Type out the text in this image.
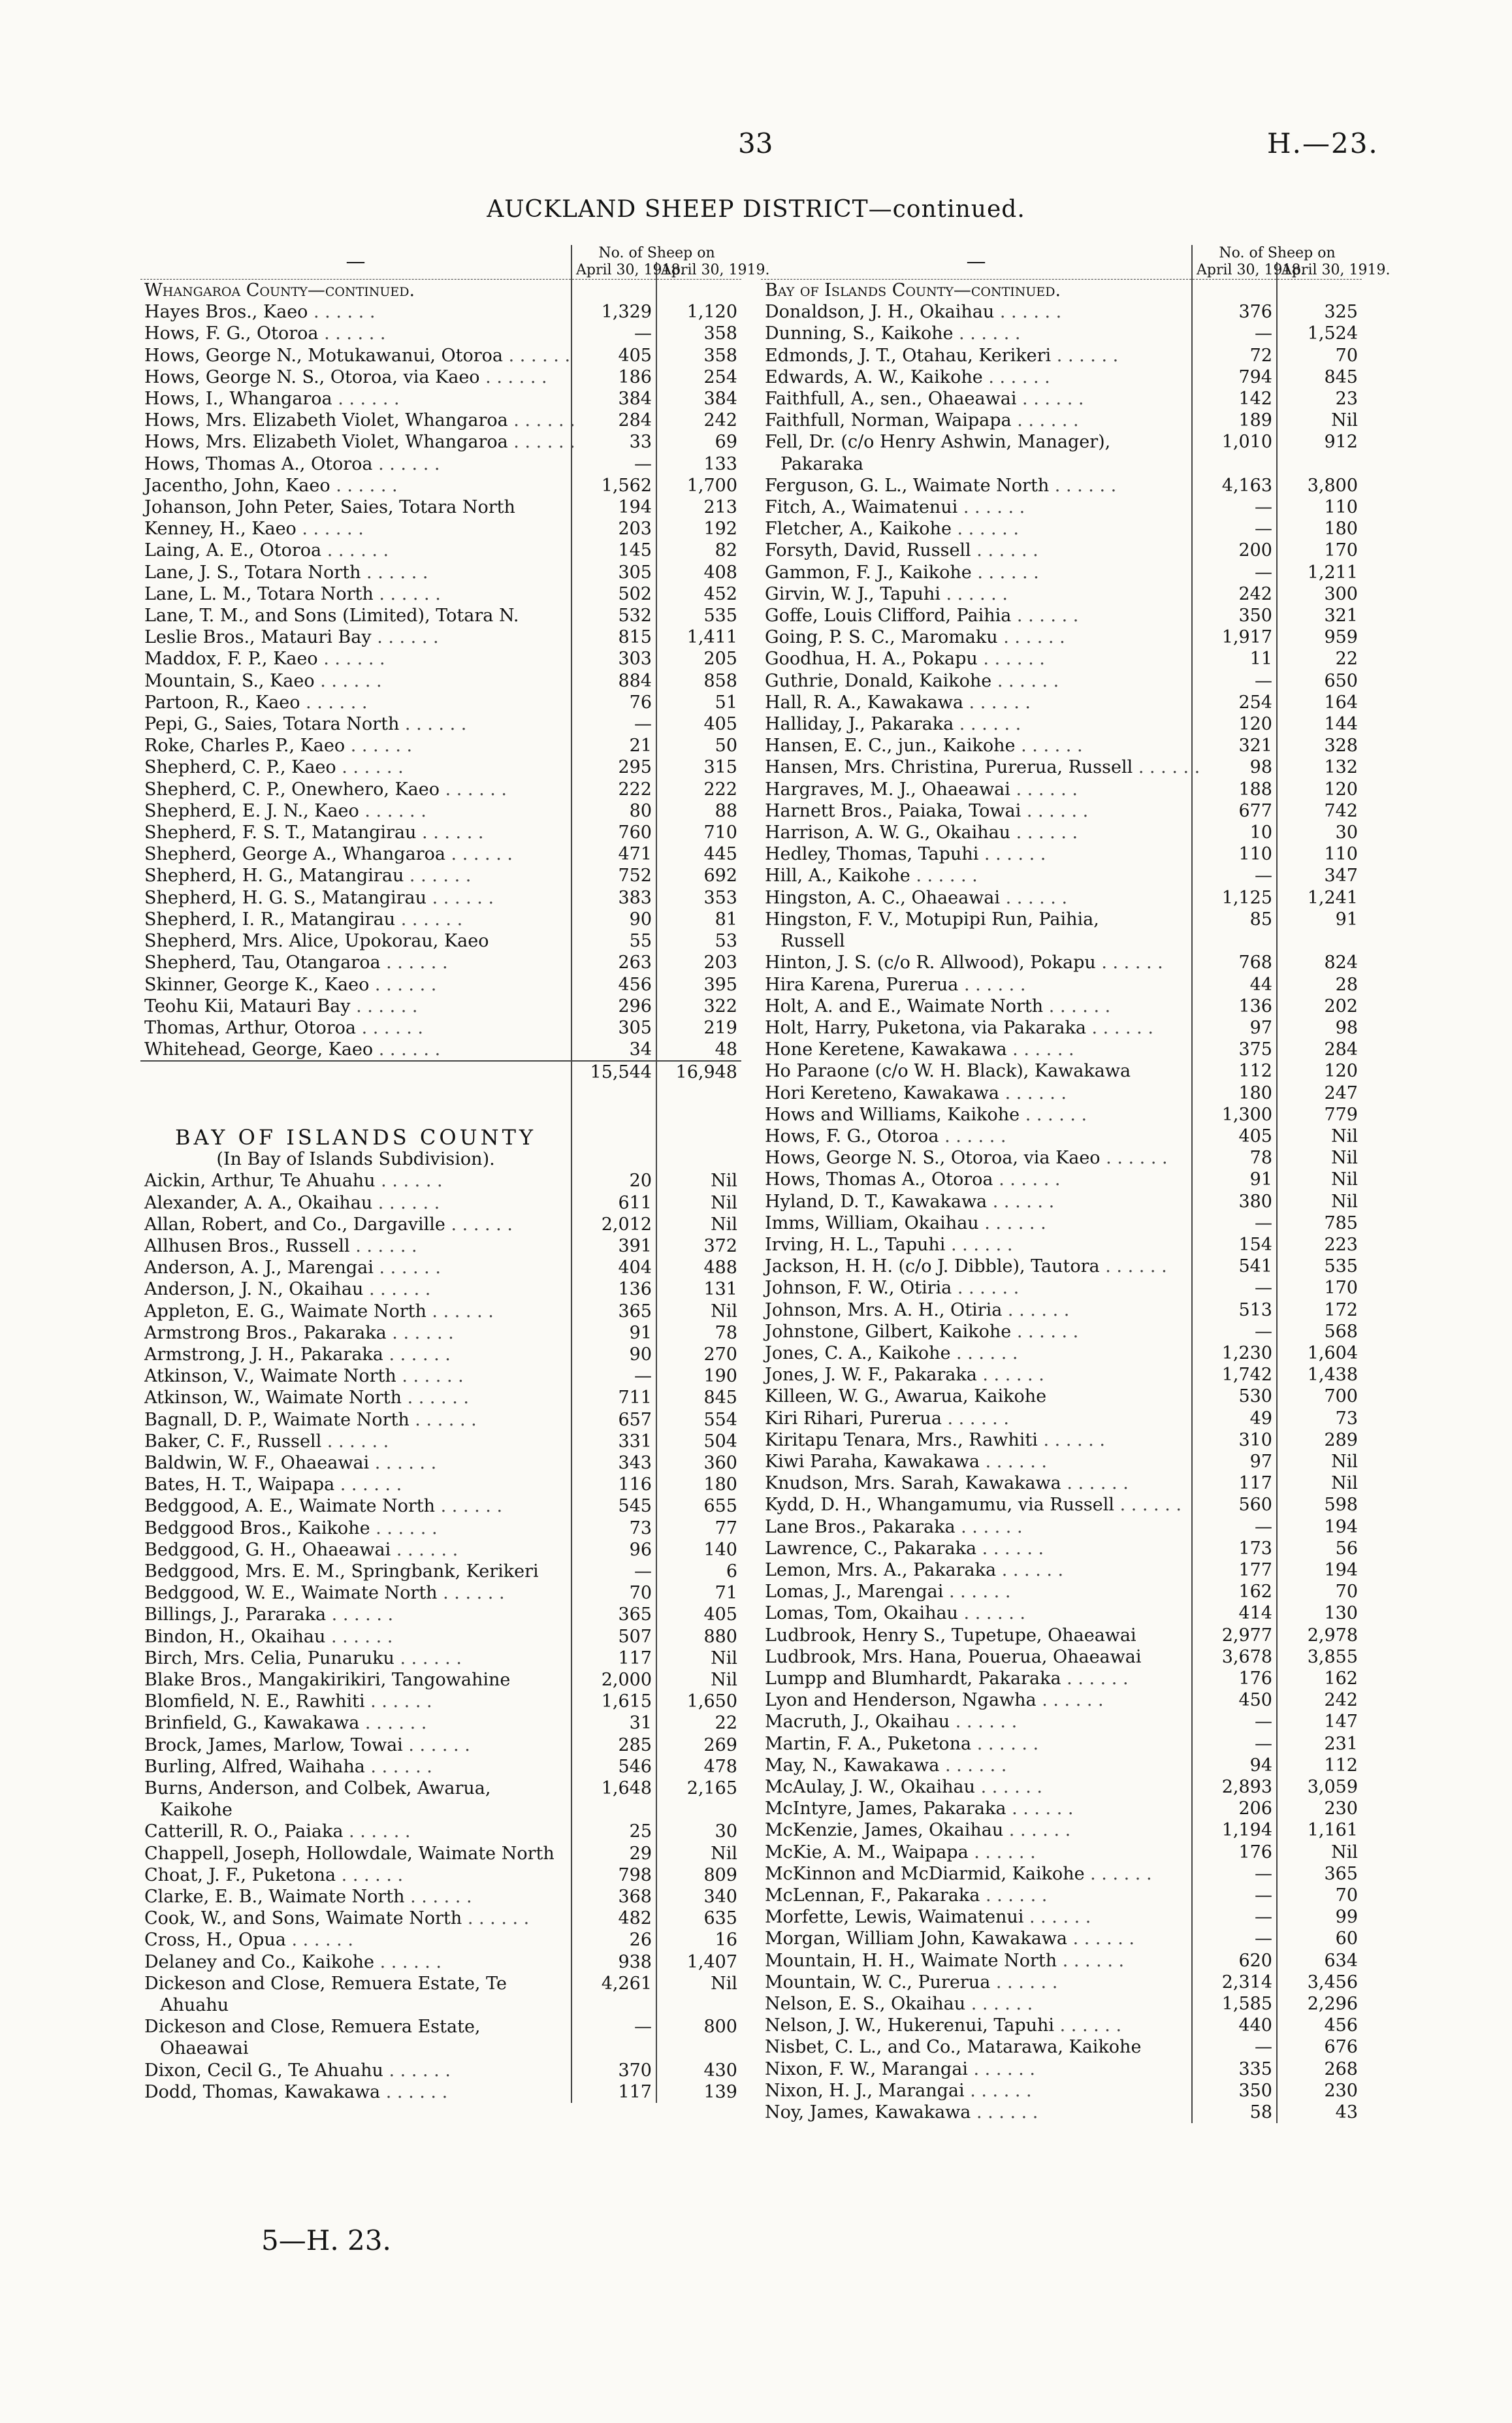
33	H.—23.
AUCKLAND SHEEP DISTRICT—continued.
—	No. of Sheep on	
	April 30, 1918.	April 30, 1919.
Whangaroa County—continued.		
Hayes Bros., Kaeo . . . . . .	1,329	1,120
Hows, F. G., Otoroa . . . . . .	—	358
Hows, George N., Motukawanui, Otoroa . . . . . .	405	358
Hows, George N. S., Otoroa, via Kaeo . . . . . .	186	254
Hows, I., Whangaroa . . . . . .	384	384
Hows, Mrs. Elizabeth Violet, Whangaroa . . . . . .	284	242
Hows, Mrs. Elizabeth Violet, Whangaroa . . . . . .	33	69
Hows, Thomas A., Otoroa . . . . . .	—	133
Jacentho, John, Kaeo . . . . . .	1,562	1,700
Johanson, John Peter, Saies, Totara North	194	213
Kenney, H., Kaeo . . . . . .	203	192
Laing, A. E., Otoroa . . . . . .	145	82
Lane, J. S., Totara North . . . . . .	305	408
Lane, L. M., Totara North . . . . . .	502	452
Lane, T. M., and Sons (Limited), Totara N.	532	535
Leslie Bros., Matauri Bay . . . . . .	815	1,411
Maddox, F. P., Kaeo . . . . . .	303	205
Mountain, S., Kaeo . . . . . .	884	858
Partoon, R., Kaeo . . . . . .	76	51
Pepi, G., Saies, Totara North . . . . . .	—	405
Roke, Charles P., Kaeo . . . . . .	21	50
Shepherd, C. P., Kaeo . . . . . .	295	315
Shepherd, C. P., Onewhero, Kaeo . . . . . .	222	222
Shepherd, E. J. N., Kaeo . . . . . .	80	88
Shepherd, F. S. T., Matangirau . . . . . .	760	710
Shepherd, George A., Whangaroa . . . . . .	471	445
Shepherd, H. G., Matangirau . . . . . .	752	692
Shepherd, H. G. S., Matangirau . . . . . .	383	353
Shepherd, I. R., Matangirau . . . . . .	90	81
Shepherd, Mrs. Alice, Upokorau, Kaeo	55	53
Shepherd, Tau, Otangaroa . . . . . .	263	203
Skinner, George K., Kaeo . . . . . .	456	395
Teohu Kii, Matauri Bay . . . . . .	296	322
Thomas, Arthur, Otoroa . . . . . .	305	219
Whitehead, George, Kaeo . . . . . .	34	48
	15,544	16,948

BAY OF ISLANDS COUNTY		
(In Bay of Islands Subdivision).		
Aickin, Arthur, Te Ahuahu . . . . . .	20	Nil
Alexander, A. A., Okaihau . . . . . .	611	Nil
Allan, Robert, and Co., Dargaville . . . . . .	2,012	Nil
Allhusen Bros., Russell . . . . . .	391	372
Anderson, A. J., Marengai . . . . . .	404	488
Anderson, J. N., Okaihau . . . . . .	136	131
Appleton, E. G., Waimate North . . . . . .	365	Nil
Armstrong Bros., Pakaraka . . . . . .	91	78
Armstrong, J. H., Pakaraka . . . . . .	90	270
Atkinson, V., Waimate North . . . . . .	—	190
Atkinson, W., Waimate North . . . . . .	711	845
Bagnall, D. P., Waimate North . . . . . .	657	554
Baker, C. F., Russell . . . . . .	331	504
Baldwin, W. F., Ohaeawai . . . . . .	343	360
Bates, H. T., Waipapa . . . . . .	116	180
Bedggood, A. E., Waimate North . . . . . .	545	655
Bedggood Bros., Kaikohe . . . . . .	73	77
Bedggood, G. H., Ohaeawai . . . . . .	96	140
Bedggood, Mrs. E. M., Springbank, Kerikeri	—	6
Bedggood, W. E., Waimate North . . . . . .	70	71
Billings, J., Pararaka . . . . . .	365	405
Bindon, H., Okaihau . . . . . .	507	880
Birch, Mrs. Celia, Punaruku . . . . . .	117	Nil
Blake Bros., Mangakirikiri, Tangowahine	2,000	Nil
Blomfield, N. E., Rawhiti . . . . . .	1,615	1,650
Brinfield, G., Kawakawa . . . . . .	31	22
Brock, James, Marlow, Towai . . . . . .	285	269
Burling, Alfred, Waihaha . . . . . .	546	478
Burns, Anderson, and Colbek, Awarua,	1,648	2,165
Kaikohe		
Catterill, R. O., Paiaka . . . . . .	25	30
Chappell, Joseph, Hollowdale, Waimate North	29	Nil
Choat, J. F., Puketona . . . . . .	798	809
Clarke, E. B., Waimate North . . . . . .	368	340
Cook, W., and Sons, Waimate North . . . . . .	482	635
Cross, H., Opua . . . . . .	26	16
Delaney and Co., Kaikohe . . . . . .	938	1,407
Dickeson and Close, Remuera Estate, Te	4,261	Nil
Ahuahu		
Dickeson and Close, Remuera Estate,	—	800
Ohaeawai		
Dixon, Cecil G., Te Ahuahu . . . . . .	370	430
Dodd, Thomas, Kawakawa . . . . . .	117	139
—	No. of Sheep on	
	April 30, 1918.	April 30, 1919.
Bay of Islands County—continued.		
Donaldson, J. H., Okaihau . . . . . .	376	325
Dunning, S., Kaikohe . . . . . .	—	1,524
Edmonds, J. T., Otahau, Kerikeri . . . . . .	72	70
Edwards, A. W., Kaikohe . . . . . .	794	845
Faithfull, A., sen., Ohaeawai . . . . . .	142	23
Faithfull, Norman, Waipapa . . . . . .	189	Nil
Fell, Dr. (c/o Henry Ashwin, Manager),	1,010	912
Pakaraka		
Ferguson, G. L., Waimate North . . . . . .	4,163	3,800
Fitch, A., Waimatenui . . . . . .	—	110
Fletcher, A., Kaikohe . . . . . .	—	180
Forsyth, David, Russell . . . . . .	200	170
Gammon, F. J., Kaikohe . . . . . .	—	1,211
Girvin, W. J., Tapuhi . . . . . .	242	300
Goffe, Louis Clifford, Paihia . . . . . .	350	321
Going, P. S. C., Maromaku . . . . . .	1,917	959
Goodhua, H. A., Pokapu . . . . . .	11	22
Guthrie, Donald, Kaikohe . . . . . .	—	650
Hall, R. A., Kawakawa . . . . . .	254	164
Halliday, J., Pakaraka . . . . . .	120	144
Hansen, E. C., jun., Kaikohe . . . . . .	321	328
Hansen, Mrs. Christina, Purerua, Russell . . . . . .	98	132
Hargraves, M. J., Ohaeawai . . . . . .	188	120
Harnett Bros., Paiaka, Towai . . . . . .	677	742
Harrison, A. W. G., Okaihau . . . . . .	10	30
Hedley, Thomas, Tapuhi . . . . . .	110	110
Hill, A., Kaikohe . . . . . .	—	347
Hingston, A. C., Ohaeawai . . . . . .	1,125	1,241
Hingston, F. V., Motupipi Run, Paihia,	85	91
Russell		
Hinton, J. S. (c/o R. Allwood), Pokapu . . . . . .	768	824
Hira Karena, Purerua . . . . . .	44	28
Holt, A. and E., Waimate North . . . . . .	136	202
Holt, Harry, Puketona, via Pakaraka . . . . . .	97	98
Hone Keretene, Kawakawa . . . . . .	375	284
Ho Paraone (c/o W. H. Black), Kawakawa	112	120
Hori Kereteno, Kawakawa . . . . . .	180	247
Hows and Williams, Kaikohe . . . . . .	1,300	779
Hows, F. G., Otoroa . . . . . .	405	Nil
Hows, George N. S., Otoroa, via Kaeo . . . . . .	78	Nil
Hows, Thomas A., Otoroa . . . . . .	91	Nil
Hyland, D. T., Kawakawa . . . . . .	380	Nil
Imms, William, Okaihau . . . . . .	—	785
Irving, H. L., Tapuhi . . . . . .	154	223
Jackson, H. H. (c/o J. Dibble), Tautora . . . . . .	541	535
Johnson, F. W., Otiria . . . . . .	—	170
Johnson, Mrs. A. H., Otiria . . . . . .	513	172
Johnstone, Gilbert, Kaikohe . . . . . .	—	568
Jones, C. A., Kaikohe . . . . . .	1,230	1,604
Jones, J. W. F., Pakaraka . . . . . .	1,742	1,438
Killeen, W. G., Awarua, Kaikohe	530	700
Kiri Rihari, Purerua . . . . . .	49	73
Kiritapu Tenara, Mrs., Rawhiti . . . . . .	310	289
Kiwi Paraha, Kawakawa . . . . . .	97	Nil
Knudson, Mrs. Sarah, Kawakawa . . . . . .	117	Nil
Kydd, D. H., Whangamumu, via Russell . . . . . .	560	598
Lane Bros., Pakaraka . . . . . .	—	194
Lawrence, C., Pakaraka . . . . . .	173	56
Lemon, Mrs. A., Pakaraka . . . . . .	177	194
Lomas, J., Marengai . . . . . .	162	70
Lomas, Tom, Okaihau . . . . . .	414	130
Ludbrook, Henry S., Tupetupe, Ohaeawai	2,977	2,978
Ludbrook, Mrs. Hana, Pouerua, Ohaeawai	3,678	3,855
Lumpp and Blumhardt, Pakaraka . . . . . .	176	162
Lyon and Henderson, Ngawha . . . . . .	450	242
Macruth, J., Okaihau . . . . . .	—	147
Martin, F. A., Puketona . . . . . .	—	231
May, N., Kawakawa . . . . . .	94	112
McAulay, J. W., Okaihau . . . . . .	2,893	3,059
McIntyre, James, Pakaraka . . . . . .	206	230
McKenzie, James, Okaihau . . . . . .	1,194	1,161
McKie, A. M., Waipapa . . . . . .	176	Nil
McKinnon and McDiarmid, Kaikohe . . . . . .	—	365
McLennan, F., Pakaraka . . . . . .	—	70
Morfette, Lewis, Waimatenui . . . . . .	—	99
Morgan, William John, Kawakawa . . . . . .	—	60
Mountain, H. H., Waimate North . . . . . .	620	634
Mountain, W. C., Purerua . . . . . .	2,314	3,456
Nelson, E. S., Okaihau . . . . . .	1,585	2,296
Nelson, J. W., Hukerenui, Tapuhi . . . . . .	440	456
Nisbet, C. L., and Co., Matarawa, Kaikohe	—	676
Nixon, F. W., Marangai . . . . . .	335	268
Nixon, H. J., Marangai . . . . . .	350	230
Noy, James, Kawakawa . . . . . .	58	43
5—H. 23.
